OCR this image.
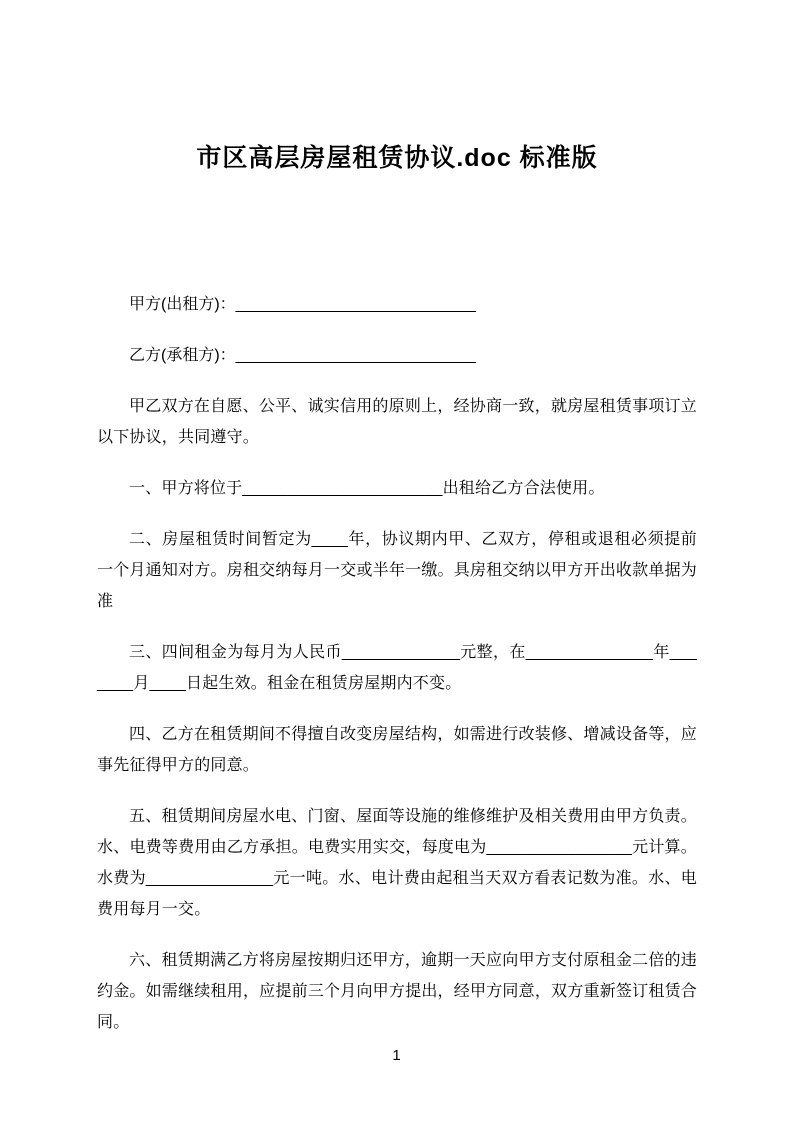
市区高层房屋租赁协议.doc 标准版
甲方(出租方)：___________________________
乙方(承租方)：___________________________

甲乙双方在自愿、公平、诚实信用的原则上，经协商一致，就房屋租赁事项订立以下协议，共同遵守。

一、甲方将位于______________________出租给乙方合法使用。

二、房屋租赁时间暂定为____年，协议期内甲、乙双方，停租或退租必须提前一个月通知对方。房租交纳每月一交或半年一缴。具房租交纳以甲方开出收款单据为准

三、四间租金为每月为人民币_____________元整，在______________年_______月____日起生效。租金在租赁房屋期内不变。

四、乙方在租赁期间不得擅自改变房屋结构，如需进行改装修、增减设备等，应事先征得甲方的同意。

五、租赁期间房屋水电、门窗、屋面等设施的维修维护及相关费用由甲方负责。水、电费等费用由乙方承担。电费实用实交，每度电为________________元计算。水费为______________元一吨。水、电计费由起租当天双方看表记数为准。水、电费用每月一交。

六、租赁期满乙方将房屋按期归还甲方，逾期一天应向甲方支付原租金二倍的违约金。如需继续租用，应提前三个月向甲方提出，经甲方同意，双方重新签订租赁合同。

1
